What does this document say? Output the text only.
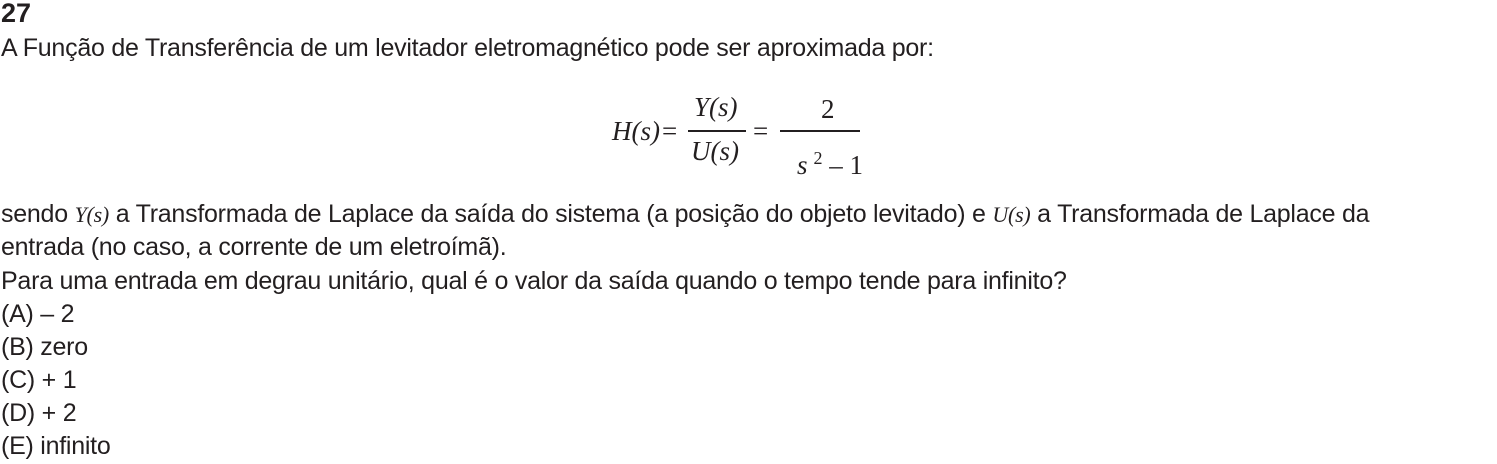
27
A Função de Transferência de um levitador eletromagnético pode ser aproximada por:
H(s) =
Y(s)
U(s)
=
2
s $^2$ – 1
sendo Y(s) a Transformada de Laplace da saída do sistema (a posição do objeto levitado) e U(s) a Transformada de Laplace da
entrada (no caso, a corrente de um eletroímã).
Para uma entrada em degrau unitário, qual é o valor da saída quando o tempo tende para infinito?
(A) – 2
(B) zero
(C) + 1
(D) + 2
(E) infinito
